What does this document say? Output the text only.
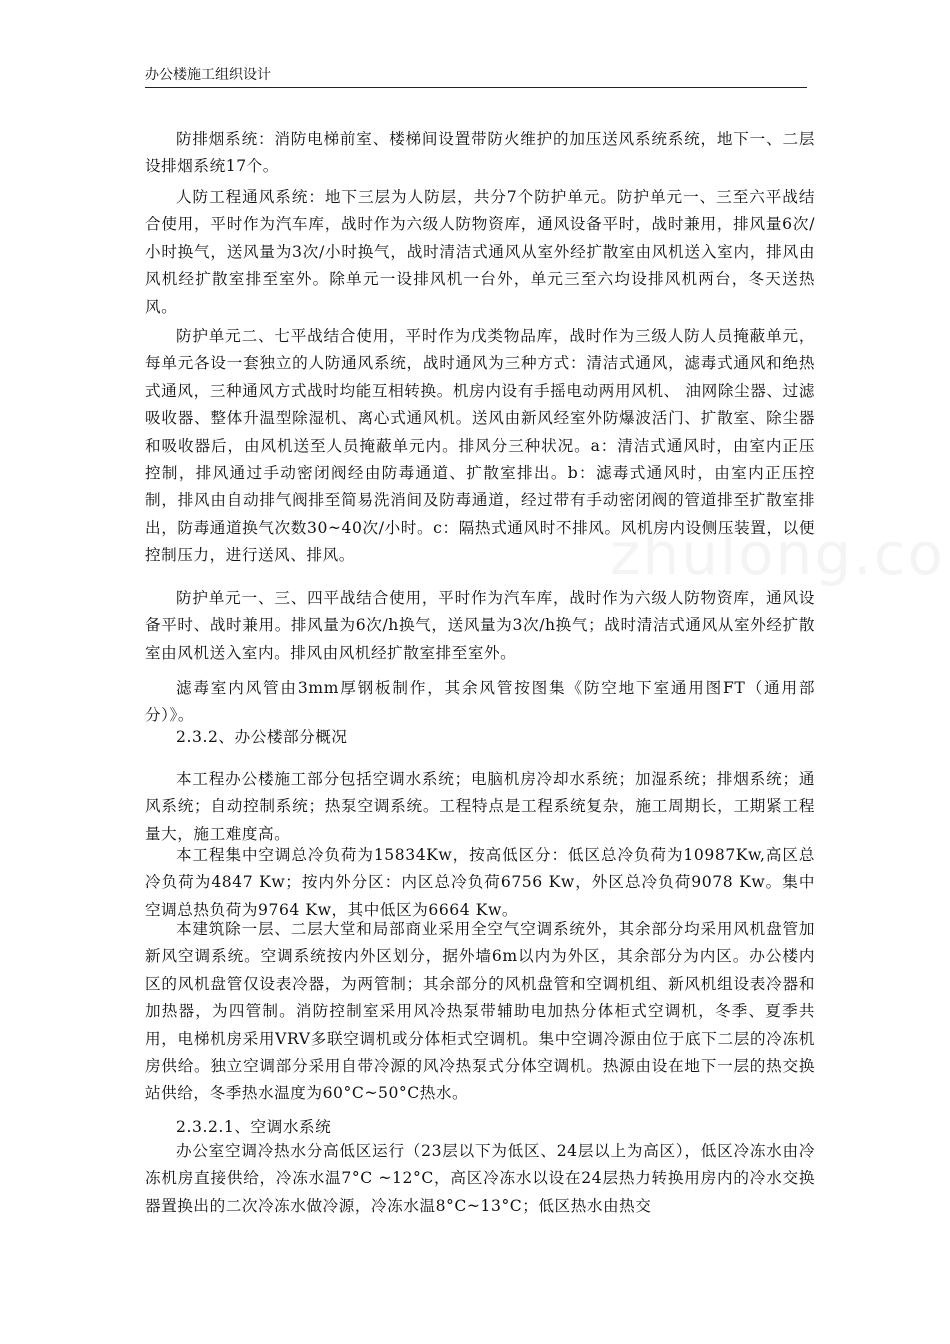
办公楼施工组织设计
防排烟系统：消防电梯前室、楼梯间设置带防火维护的加压送风系统系统，地下一、二层设排烟系统17个。
人防工程通风系统：地下三层为人防层，共分7个防护单元。防护单元一、三至六平战结合使用，平时作为汽车库，战时作为六级人防物资库，通风设备平时，战时兼用，排风量6次/小时换气，送风量为3次/小时换气，战时清洁式通风从室外经扩散室由风机送入室内，排风由风机经扩散室排至室外。除单元一设排风机一台外，单元三至六均设排风机两台，冬天送热风。
防护单元二、七平战结合使用，平时作为戊类物品库，战时作为三级人防人员掩蔽单元，每单元各设一套独立的人防通风系统，战时通风为三种方式：清洁式通风，滤毒式通风和绝热式通风，三种通风方式战时均能互相转换。机房内设有手摇电动两用风机、 油网除尘器、过滤吸收器、整体升温型除湿机、离心式通风机。送风由新风经室外防爆波活门、扩散室、除尘器和吸收器后，由风机送至人员掩蔽单元内。排风分三种状况。a：清洁式通风时，由室内正压控制，排风通过手动密闭阀经由防毒通道、扩散室排出。b：滤毒式通风时，由室内正压控制，排风由自动排气阀排至简易洗消间及防毒通道，经过带有手动密闭阀的管道排至扩散室排出，防毒通道换气次数30~40次/小时。c：隔热式通风时不排风。风机房内设侧压装置，以便控制压力，进行送风、排风。
防护单元一、三、四平战结合使用，平时作为汽车库，战时作为六级人防物资库，通风设备平时、战时兼用。排风量为6次/h换气，送风量为3次/h换气；战时清洁式通风从室外经扩散室由风机送入室内。排风由风机经扩散室排至室外。
滤毒室内风管由3mm厚钢板制作，其余风管按图集《防空地下室通用图FT（通用部分）》。
2.3.2、办公楼部分概况
本工程办公楼施工部分包括空调水系统；电脑机房冷却水系统；加湿系统；排烟系统；通风系统；自动控制系统；热泵空调系统。工程特点是工程系统复杂，施工周期长，工期紧工程量大，施工难度高。
本工程集中空调总冷负荷为15834Kw，按高低区分：低区总冷负荷为10987Kw,高区总冷负荷为4847 Kw；按内外分区：内区总冷负荷6756 Kw，外区总冷负荷9078 Kw。集中空调总热负荷为9764 Kw，其中低区为6664 Kw。
本建筑除一层、二层大堂和局部商业采用全空气空调系统外，其余部分均采用风机盘管加新风空调系统。空调系统按内外区划分，据外墙6m以内为外区，其余部分为内区。办公楼内区的风机盘管仅设表冷器，为两管制；其余部分的风机盘管和空调机组、新风机组设表冷器和加热器，为四管制。消防控制室采用风冷热泵带辅助电加热分体柜式空调机，冬季、夏季共用，电梯机房采用VRV多联空调机或分体柜式空调机。集中空调冷源由位于底下二层的冷冻机房供给。独立空调部分采用自带冷源的风冷热泵式分体空调机。热源由设在地下一层的热交换站供给，冬季热水温度为60°C~50°C热水。
2.3.2.1、空调水系统
办公室空调冷热水分高低区运行（23层以下为低区、24层以上为高区），低区冷冻水由冷冻机房直接供给，冷冻水温7°C ~12°C，高区冷冻水以设在24层热力转换用房内的冷水交换器置换出的二次冷冻水做冷源，冷冻水温8°C~13°C；低区热水由热交
